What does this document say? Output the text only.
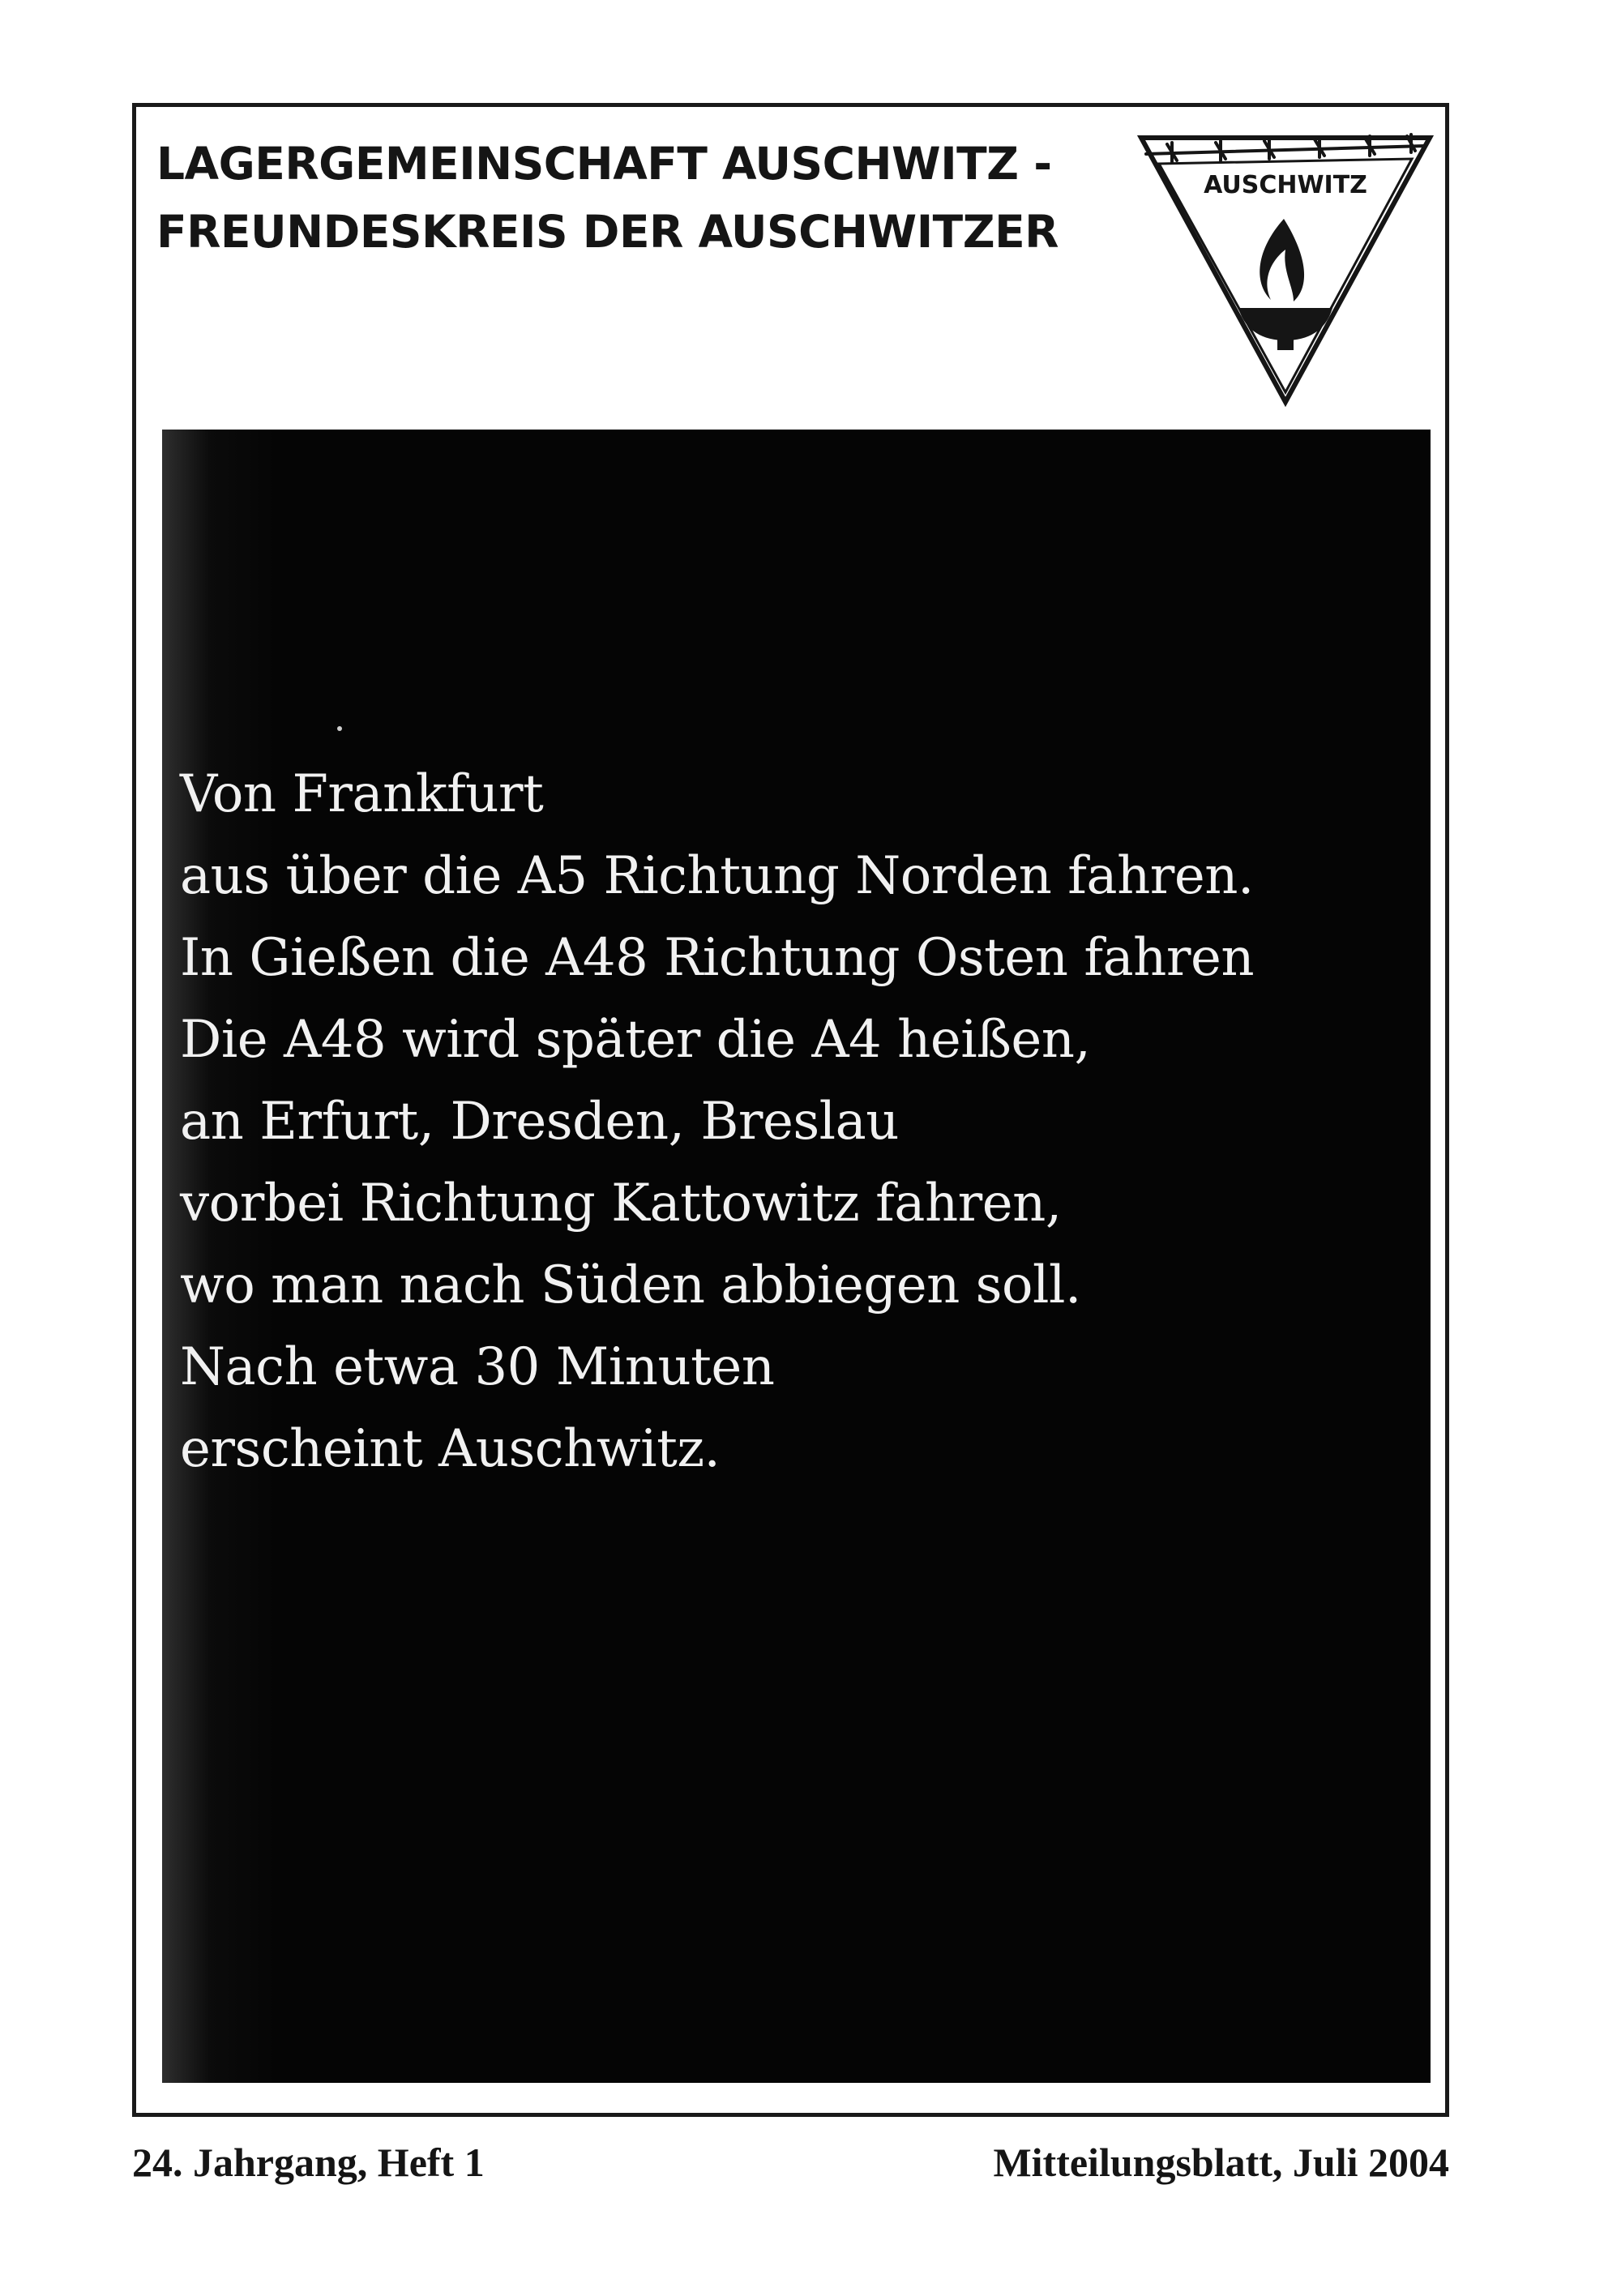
LAGERGEMEINSCHAFT AUSCHWITZ -
FREUNDESKREIS DER AUSCHWITZER
AUSCHWITZ

Von Frankfurt
aus über die A5 Richtung Norden fahren.
In Gießen die A48 Richtung Osten fahren
Die A48 wird später die A4 heißen,
an Erfurt, Dresden, Breslau
vorbei Richtung Kattowitz fahren,
wo man nach Süden abbiegen soll.
Nach etwa 30 Minuten
erscheint Auschwitz.

24. Jahrgang, Heft 1	Mitteilungsblatt, Juli 2004
